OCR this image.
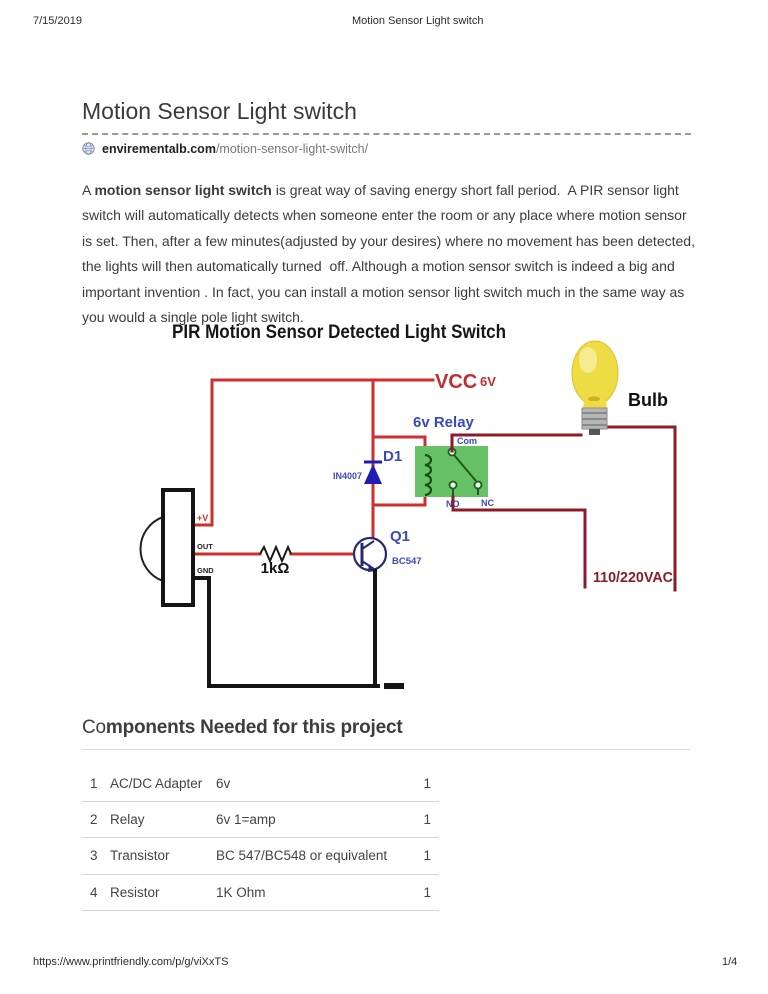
7/15/2019	Motion Sensor Light switch
Motion Sensor Light switch
envirementalb.com/motion-sensor-light-switch/

A motion sensor light switch is great way of saving energy short fall period.  A PIR sensor light switch will automatically detects when someone enter the room or any place where motion sensor is set. Then, after a few minutes(adjusted by your desires) where no movement has been detected, the lights will then automatically turned  off. Although a motion sensor switch is indeed a big and important invention . In fact, you can install a motion sensor light switch much in the same way as you would a single pole light switch.

PIR Motion Sensor Detected Light Switch
1kΩ
VCC 6V
D1
IN4007
6v Relay
Com
NO NC
110/220VAC
Bulb
Q1
BC547
+V
OUT
GND
Components Needed for this project
1 AC/DC Adapter 6v	1
2 Relay	6v 1=amp	1
3 Transistor	BC 547/BC548 or equivalent	1
4 Resistor	1K Ohm	1
https://www.printfriendly.com/p/g/viXxTS	1/4
